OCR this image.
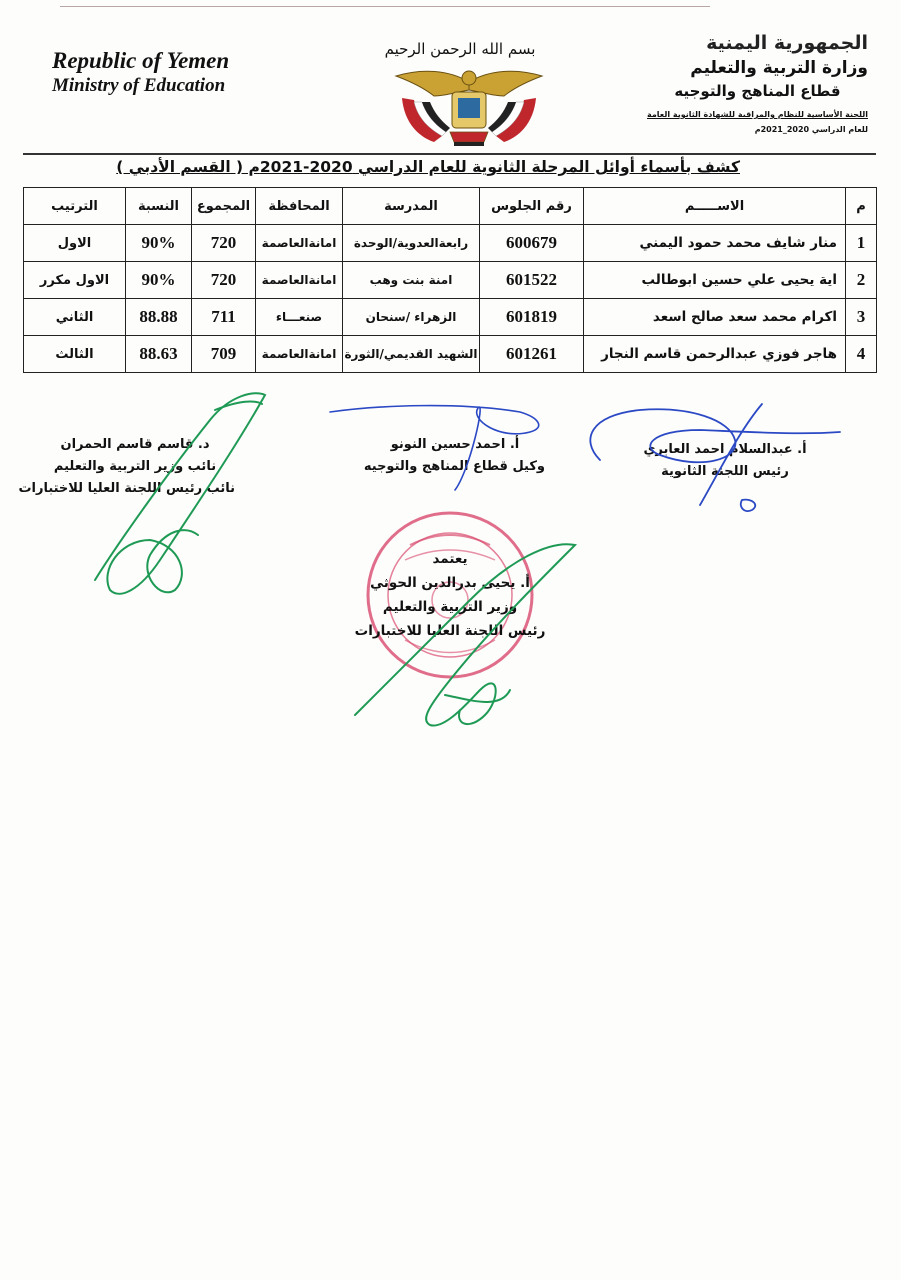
Republic of Yemen
Ministry of Education
بسم الله الرحمن الرحيم	الجمهورية اليمنية
وزارة التربية والتعليم
قطاع المناهج والتوجيه
اللجنة الأساسية للنظام والمراقبة للشهادة الثانوية العامة
للعام الدراسي 2020_2021م
كشف بأسماء أوائل المرحلة الثانوية للعام الدراسي 2020-2021م ( القسم الأدبي )
م	الاســـــم	رقم الجلوس	المدرسة	المحافظة	المجموع	النسبة	الترتيب
1	منار شايف محمد حمود اليمني	600679	رابعةالعدوية/الوحدة	امانةالعاصمة	720	90%	الاول
2	اية يحيى علي حسين ابوطالب	601522	امنة بنت وهب	امانةالعاصمة	720	90%	الاول مكرر
3	اكرام محمد سعد صالح اسعد	601819	الزهراء /سنحان	صنعـــاء	711	88.88	الثاني
4	هاجر فوزي عبدالرحمن قاسم النجار	601261	الشهيد القديمي/الثورة	امانةالعاصمة	709	88.63	الثالث
د. قاسم قاسم الحمران
نائب وزير التربية والتعليم
نائب رئيس اللجنة العليا للاختبارات
أ. احمد حسين النونو
وكيل قطاع المناهج والتوجيه
أ. عبدالسلام احمد العابري
رئيس اللجنة الثانوية
يعتمد
أ. يحيى بدرالدين الحوثي
وزير التربية والتعليم
رئيس اللجنة العليا للاختبارات
